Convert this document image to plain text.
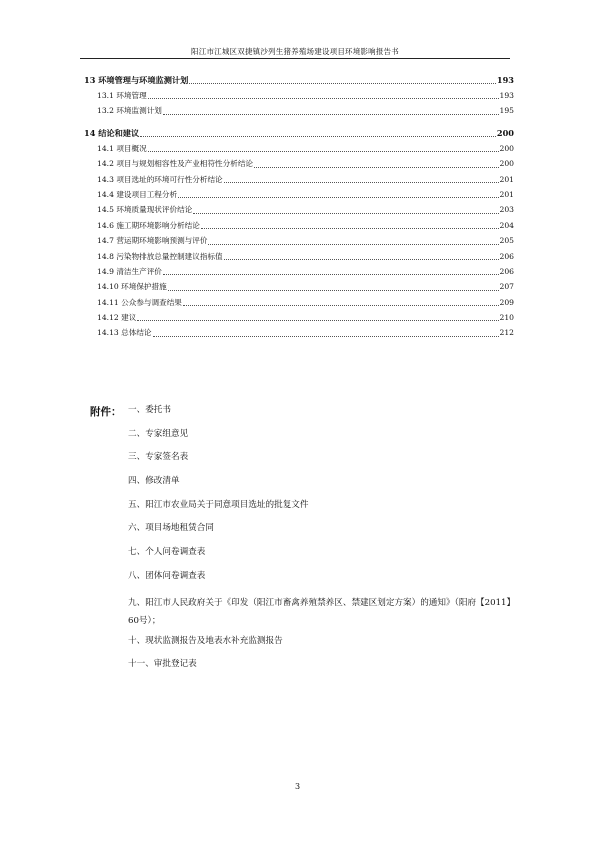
阳江市江城区双捷镇沙列生猪养殖场建设项目环境影响报告书
13 环境管理与环境监测计划	193
13.1 环境管理	193
13.2 环境监测计划	195
14 结论和建议	200
14.1 项目概况	200
14.2 项目与规划相容性及产业相符性分析结论	200
14.3 项目选址的环境可行性分析结论	201
14.4 建设项目工程分析	201
14.5 环境质量现状评价结论	203
14.6 施工期环境影响分析结论	204
14.7 营运期环境影响预测与评价	205
14.8 污染物排放总量控制建议指标值	206
14.9 清洁生产评价	206
14.10 环境保护措施	207
14.11 公众参与调查结果	209
14.12 建议	210
14.13 总体结论	212
附件： 一、委托书
二、专家组意见
三、专家签名表
四、修改清单
五、阳江市农业局关于同意项目选址的批复文件
六、项目场地租赁合同
七、个人问卷调查表
八、团体问卷调查表
九、阳江市人民政府关于《印发（阳江市畜禽养殖禁养区、禁建区划定方案）的通知》（阳府【2011】60号）；
十、现状监测报告及地表水补充监测报告
十一、审批登记表
3
